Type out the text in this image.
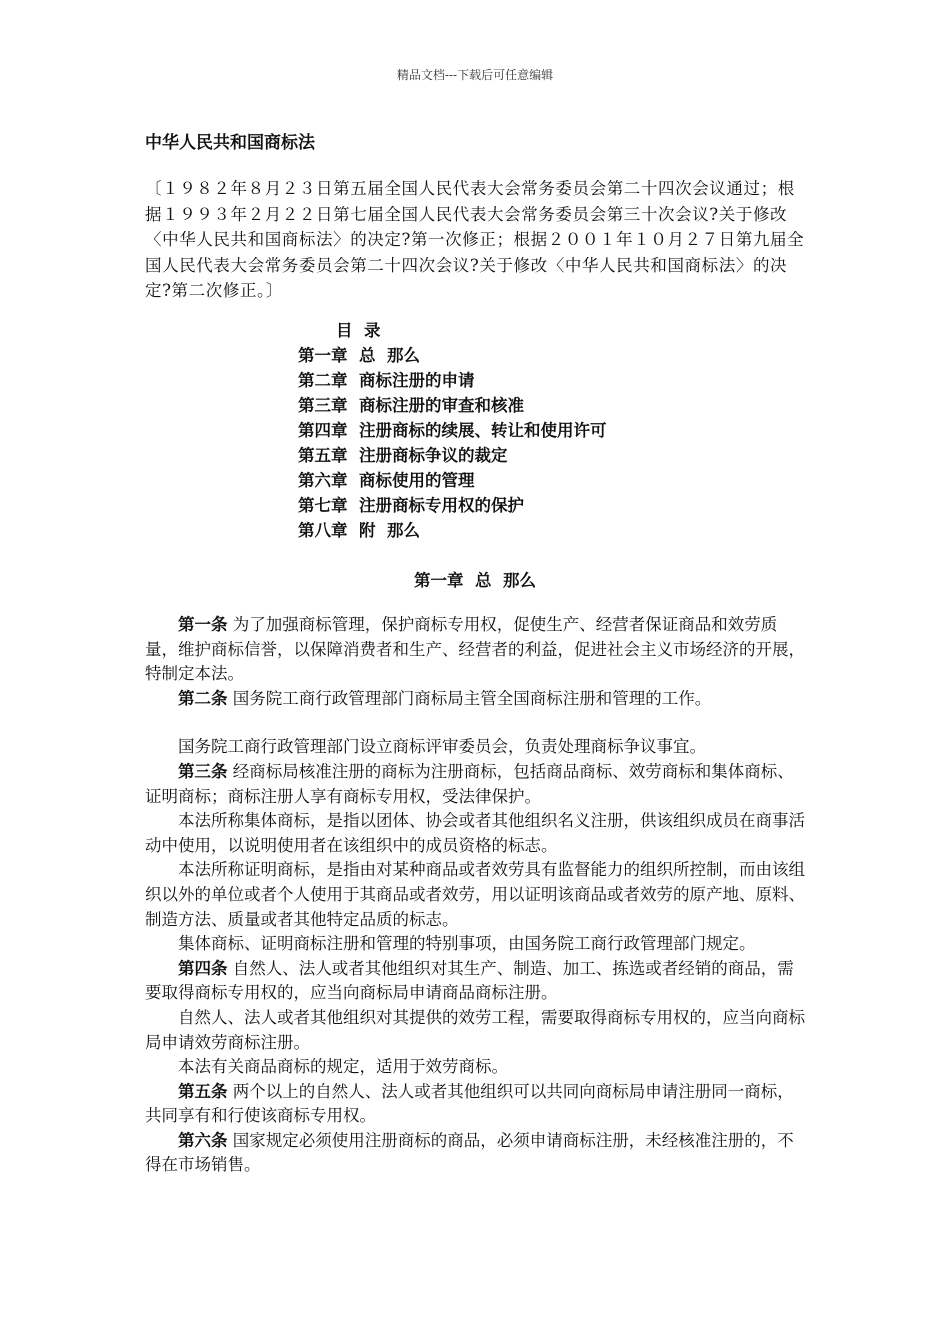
精品文档---下载后可任意编辑
中华人民共和国商标法
〔１９８２年８月２３日第五届全国人民代表大会常务委员会第二十四次会议通过；根据１９９３年２月２２日第七届全国人民代表大会常务委员会第三十次会议?关于修改〈中华人民共和国商标法〉的决定?第一次修正；根据２００１年１０月２７日第九届全国人民代表大会常务委员会第二十四次会议?关于修改〈中华人民共和国商标法〉的决定?第二次修正。〕
目  录
第一章  总  那么
第二章  商标注册的申请
第三章  商标注册的审查和核准
第四章  注册商标的续展、转让和使用许可
第五章  注册商标争议的裁定
第六章  商标使用的管理
第七章  注册商标专用权的保护
第八章  附  那么
第一章  总  那么

第一条 为了加强商标管理，保护商标专用权，促使生产、经营者保证商品和效劳质量，维护商标信誉，以保障消费者和生产、经营者的利益，促进社会主义市场经济的开展，特制定本法。

第二条 国务院工商行政管理部门商标局主管全国商标注册和管理的工作。

国务院工商行政管理部门设立商标评审委员会，负责处理商标争议事宜。

第三条 经商标局核准注册的商标为注册商标，包括商品商标、效劳商标和集体商标、证明商标；商标注册人享有商标专用权，受法律保护。

本法所称集体商标，是指以团体、协会或者其他组织名义注册，供该组织成员在商事活动中使用，以说明使用者在该组织中的成员资格的标志。

本法所称证明商标，是指由对某种商品或者效劳具有监督能力的组织所控制，而由该组织以外的单位或者个人使用于其商品或者效劳，用以证明该商品或者效劳的原产地、原料、制造方法、质量或者其他特定品质的标志。

集体商标、证明商标注册和管理的特别事项，由国务院工商行政管理部门规定。

第四条 自然人、法人或者其他组织对其生产、制造、加工、拣选或者经销的商品，需要取得商标专用权的，应当向商标局申请商品商标注册。

自然人、法人或者其他组织对其提供的效劳工程，需要取得商标专用权的，应当向商标局申请效劳商标注册。

本法有关商品商标的规定，适用于效劳商标。

第五条 两个以上的自然人、法人或者其他组织可以共同向商标局申请注册同一商标，共同享有和行使该商标专用权。

第六条 国家规定必须使用注册商标的商品，必须申请商标注册，未经核准注册的，不得在市场销售。
